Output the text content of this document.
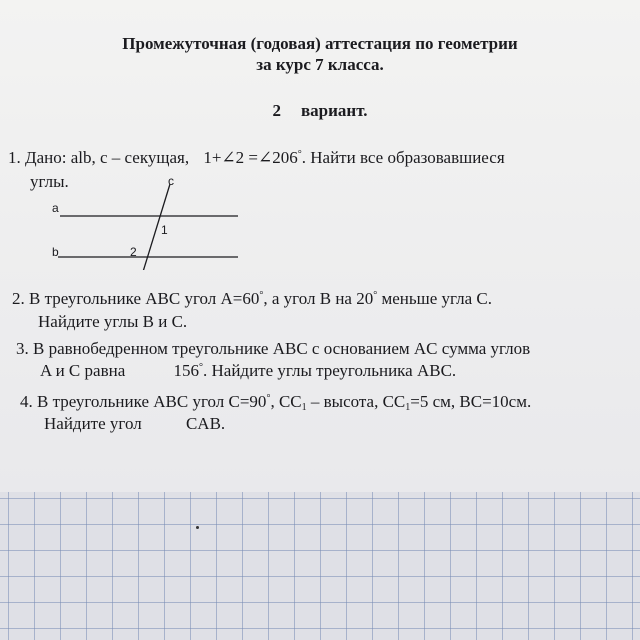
Промежуточная (годовая) аттестация по геометрии
за курс 7 класса.
2 вариант.
1. Дано: alb, c – секущая, 1+∠2 =∠206°. Найти все образовавшиеся
углы.	c
a
b
1
2
2. В треугольнике ABC угол A=60°, а угол B на 20° меньше угла C.
Найдите углы B и C.
3. В равнобедренном треугольнике ABC с основанием AC сумма углов
A и C равна	156°. Найдите углы треугольника ABC.
4. В треугольнике ABC угол C=90°, $CC_1$ – высота, $CC_1=5$ см, BC=10см.
Найдите угол	CAB.
